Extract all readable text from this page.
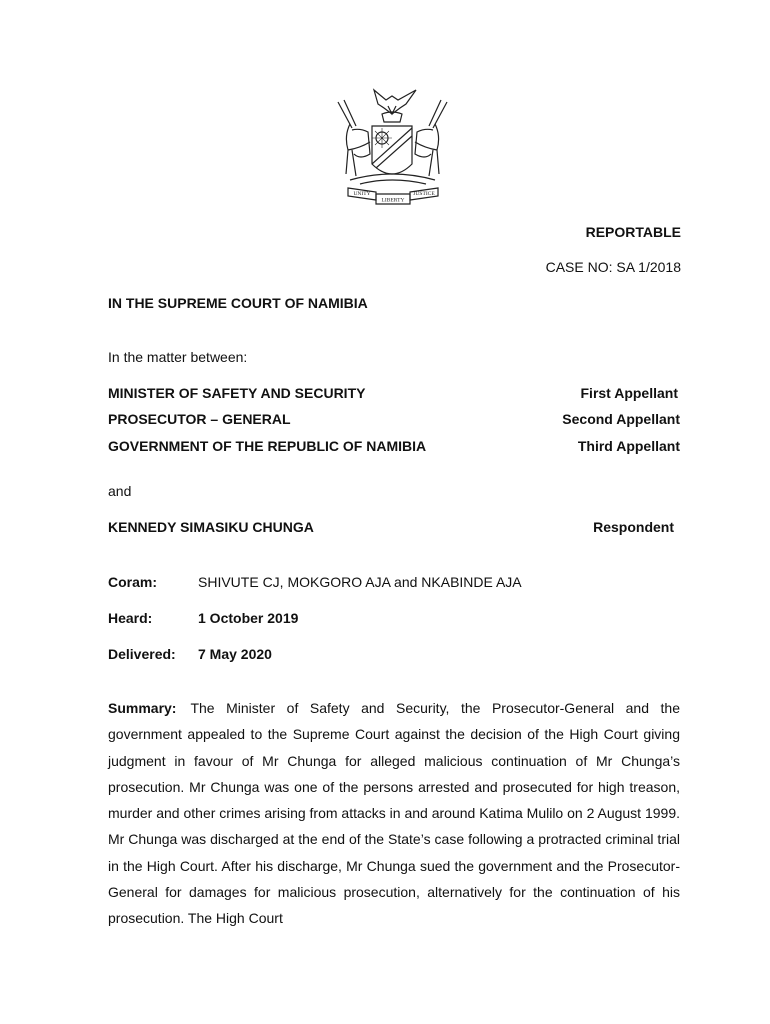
UNITY
LIBERTY
JUSTICE
REPORTABLE
CASE NO: SA 1/2018
IN THE SUPREME COURT OF NAMIBIA
In the matter between:
MINISTER OF SAFETY AND SECURITY	First Appellant
PROSECUTOR – GENERAL	Second Appellant
GOVERNMENT OF THE REPUBLIC OF NAMIBIA	Third Appellant
and
KENNEDY SIMASIKU CHUNGA	Respondent
Coram:	SHIVUTE CJ, MOKGORO AJA and NKABINDE AJA
Heard:	1 October 2019
Delivered: 7 May 2020
Summary: The Minister of Safety and Security, the Prosecutor-General and the government appealed to the Supreme Court against the decision of the High Court giving judgment in favour of Mr Chunga for alleged malicious continuation of Mr Chunga’s prosecution. Mr Chunga was one of the persons arrested and prosecuted for high treason, murder and other crimes arising from attacks in and around Katima Mulilo on 2 August 1999. Mr Chunga was discharged at the end of the State’s case following a protracted criminal trial in the High Court. After his discharge, Mr Chunga sued the government and the Prosecutor-General for damages for malicious prosecution, alternatively for the continuation of his prosecution. The High Court
